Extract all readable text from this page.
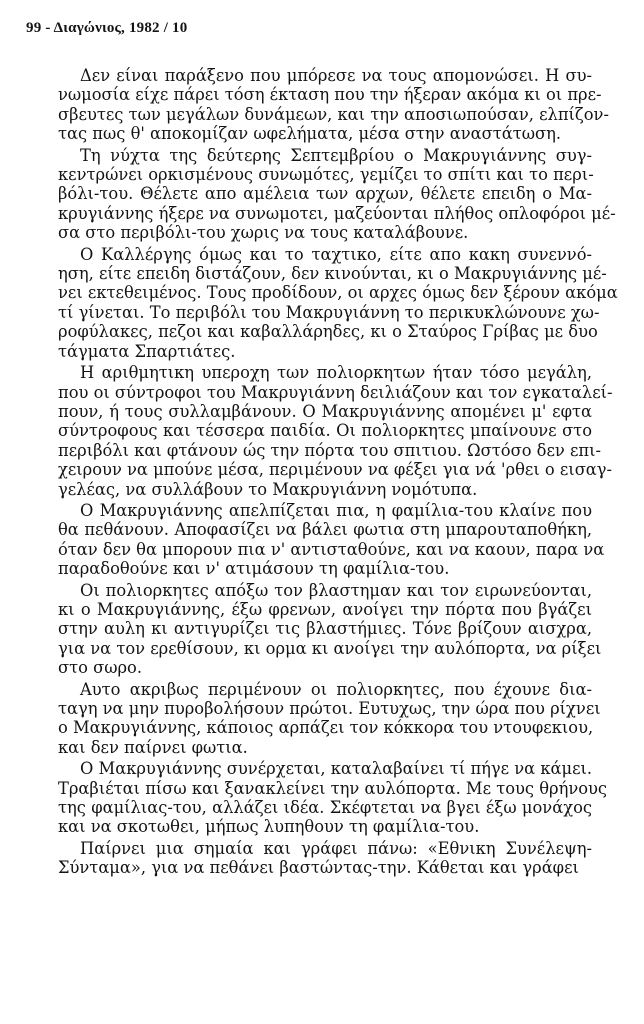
99 - Διαγώνιος, 1982 / 10

Δεν είναι παράξενο που μπόρεσε να τους απομονώσει. Η συ-
νωμοσία είχε πάρει τόση έκταση που την ήξεραν ακόμα κι οι πρε-
σβευτες των μεγάλων δυνάμεων, και την αποσιωπούσαν, ελπίζον-
τας πως θ' αποκομίζαν ωφελήματα, μέσα στην αναστάτωση.

Τη νύχτα της δεύτερης Σεπτεμβρίου ο Μακρυγιάννης συγ-
κεντρώνει ορκισμένους συνωμότες, γεμίζει το σπίτι και το περι-
βόλι-του. Θέλετε απο αμέλεια των αρχων, θέλετε επειδη ο Μα-
κρυγιάννης ήξερε να συνωμοτει, μαζεύονται πλήθος οπλοφόροι μέ-
σα στο περιβόλι-του χωρις να τους καταλάβουνε.

Ο Καλλέργης όμως και το ταχτικο, είτε απο κακη συνεννό-
ηση, είτε επειδη διστάζουν, δεν κινούνται, κι ο Μακρυγιάννης μέ-
νει εκτεθειμένος. Τους προδίδουν, οι αρχες όμως δεν ξέρουν ακόμα
τί γίνεται. Το περιβόλι του Μακρυγιάννη το περικυκλώνουνε χω-
ροφύλακες, πεζοι και καβαλλάρηδες, κι ο Σταύρος Γρίβας με δυο
τάγματα Σπαρτιάτες.

Η αριθμητικη υπεροχη των πολιορκητων ήταν τόσο μεγάλη,
που οι σύντροφοι του Μακρυγιάννη δειλιάζουν και τον εγκαταλεί-
πουν, ή τους συλλαμβάνουν. Ο Μακρυγιάννης απομένει μ' εφτα
σύντροφους και τέσσερα παιδία. Οι πολιορκητες μπαίνουνε στο
περιβόλι και φτάνουν ώς την πόρτα του σπιτιου. Ωστόσο δεν επι-
χειρουν να μπούνε μέσα, περιμένουν να φέξει για νά 'ρθει ο εισαγ-
γελέας, να συλλάβουν το Μακρυγιάννη νομότυπα.

Ο Μακρυγιάννης απελπίζεται πια, η φαμίλια-του κλαίνε που
θα πεθάνουν. Αποφασίζει να βάλει φωτια στη μπαρουταποθήκη,
όταν δεν θα μπορουν πια ν' αντισταθούνε, και να καουν, παρα να
παραδοθούνε και ν' ατιμάσουν τη φαμίλια-του.

Οι πολιορκητες απόξω τον βλαστημαν και τον ειρωνεύονται,
κι ο Μακρυγιάννης, έξω φρενων, ανοίγει την πόρτα που βγάζει
στην αυλη κι αντιγυρίζει τις βλαστήμιες. Τόνε βρίζουν αισχρα,
για να τον ερεθίσουν, κι ορμα κι ανοίγει την αυλόπορτα, να ρίξει
στο σωρο.

Αυτο ακριβως περιμένουν οι πολιορκητες, που έχουνε δια-
ταγη να μην πυροβολήσουν πρώτοι. Ευτυχως, την ώρα που ρίχνει
ο Μακρυγιάννης, κάποιος αρπάζει τον κόκκορα του ντουφεκιου,
και δεν παίρνει φωτια.

Ο Μακρυγιάννης συνέρχεται, καταλαβαίνει τί πήγε να κάμει.
Τραβιέται πίσω και ξανακλείνει την αυλόπορτα. Με τους θρήνους
της φαμίλιας-του, αλλάζει ιδέα. Σκέφτεται να βγει έξω μονάχος
και να σκοτωθει, μήπως λυπηθουν τη φαμίλια-του.

Παίρνει μια σημαία και γράφει πάνω: «Εθνικη Συνέλεψη-
Σύνταμα», για να πεθάνει βαστώντας-την. Κάθεται και γράφει
